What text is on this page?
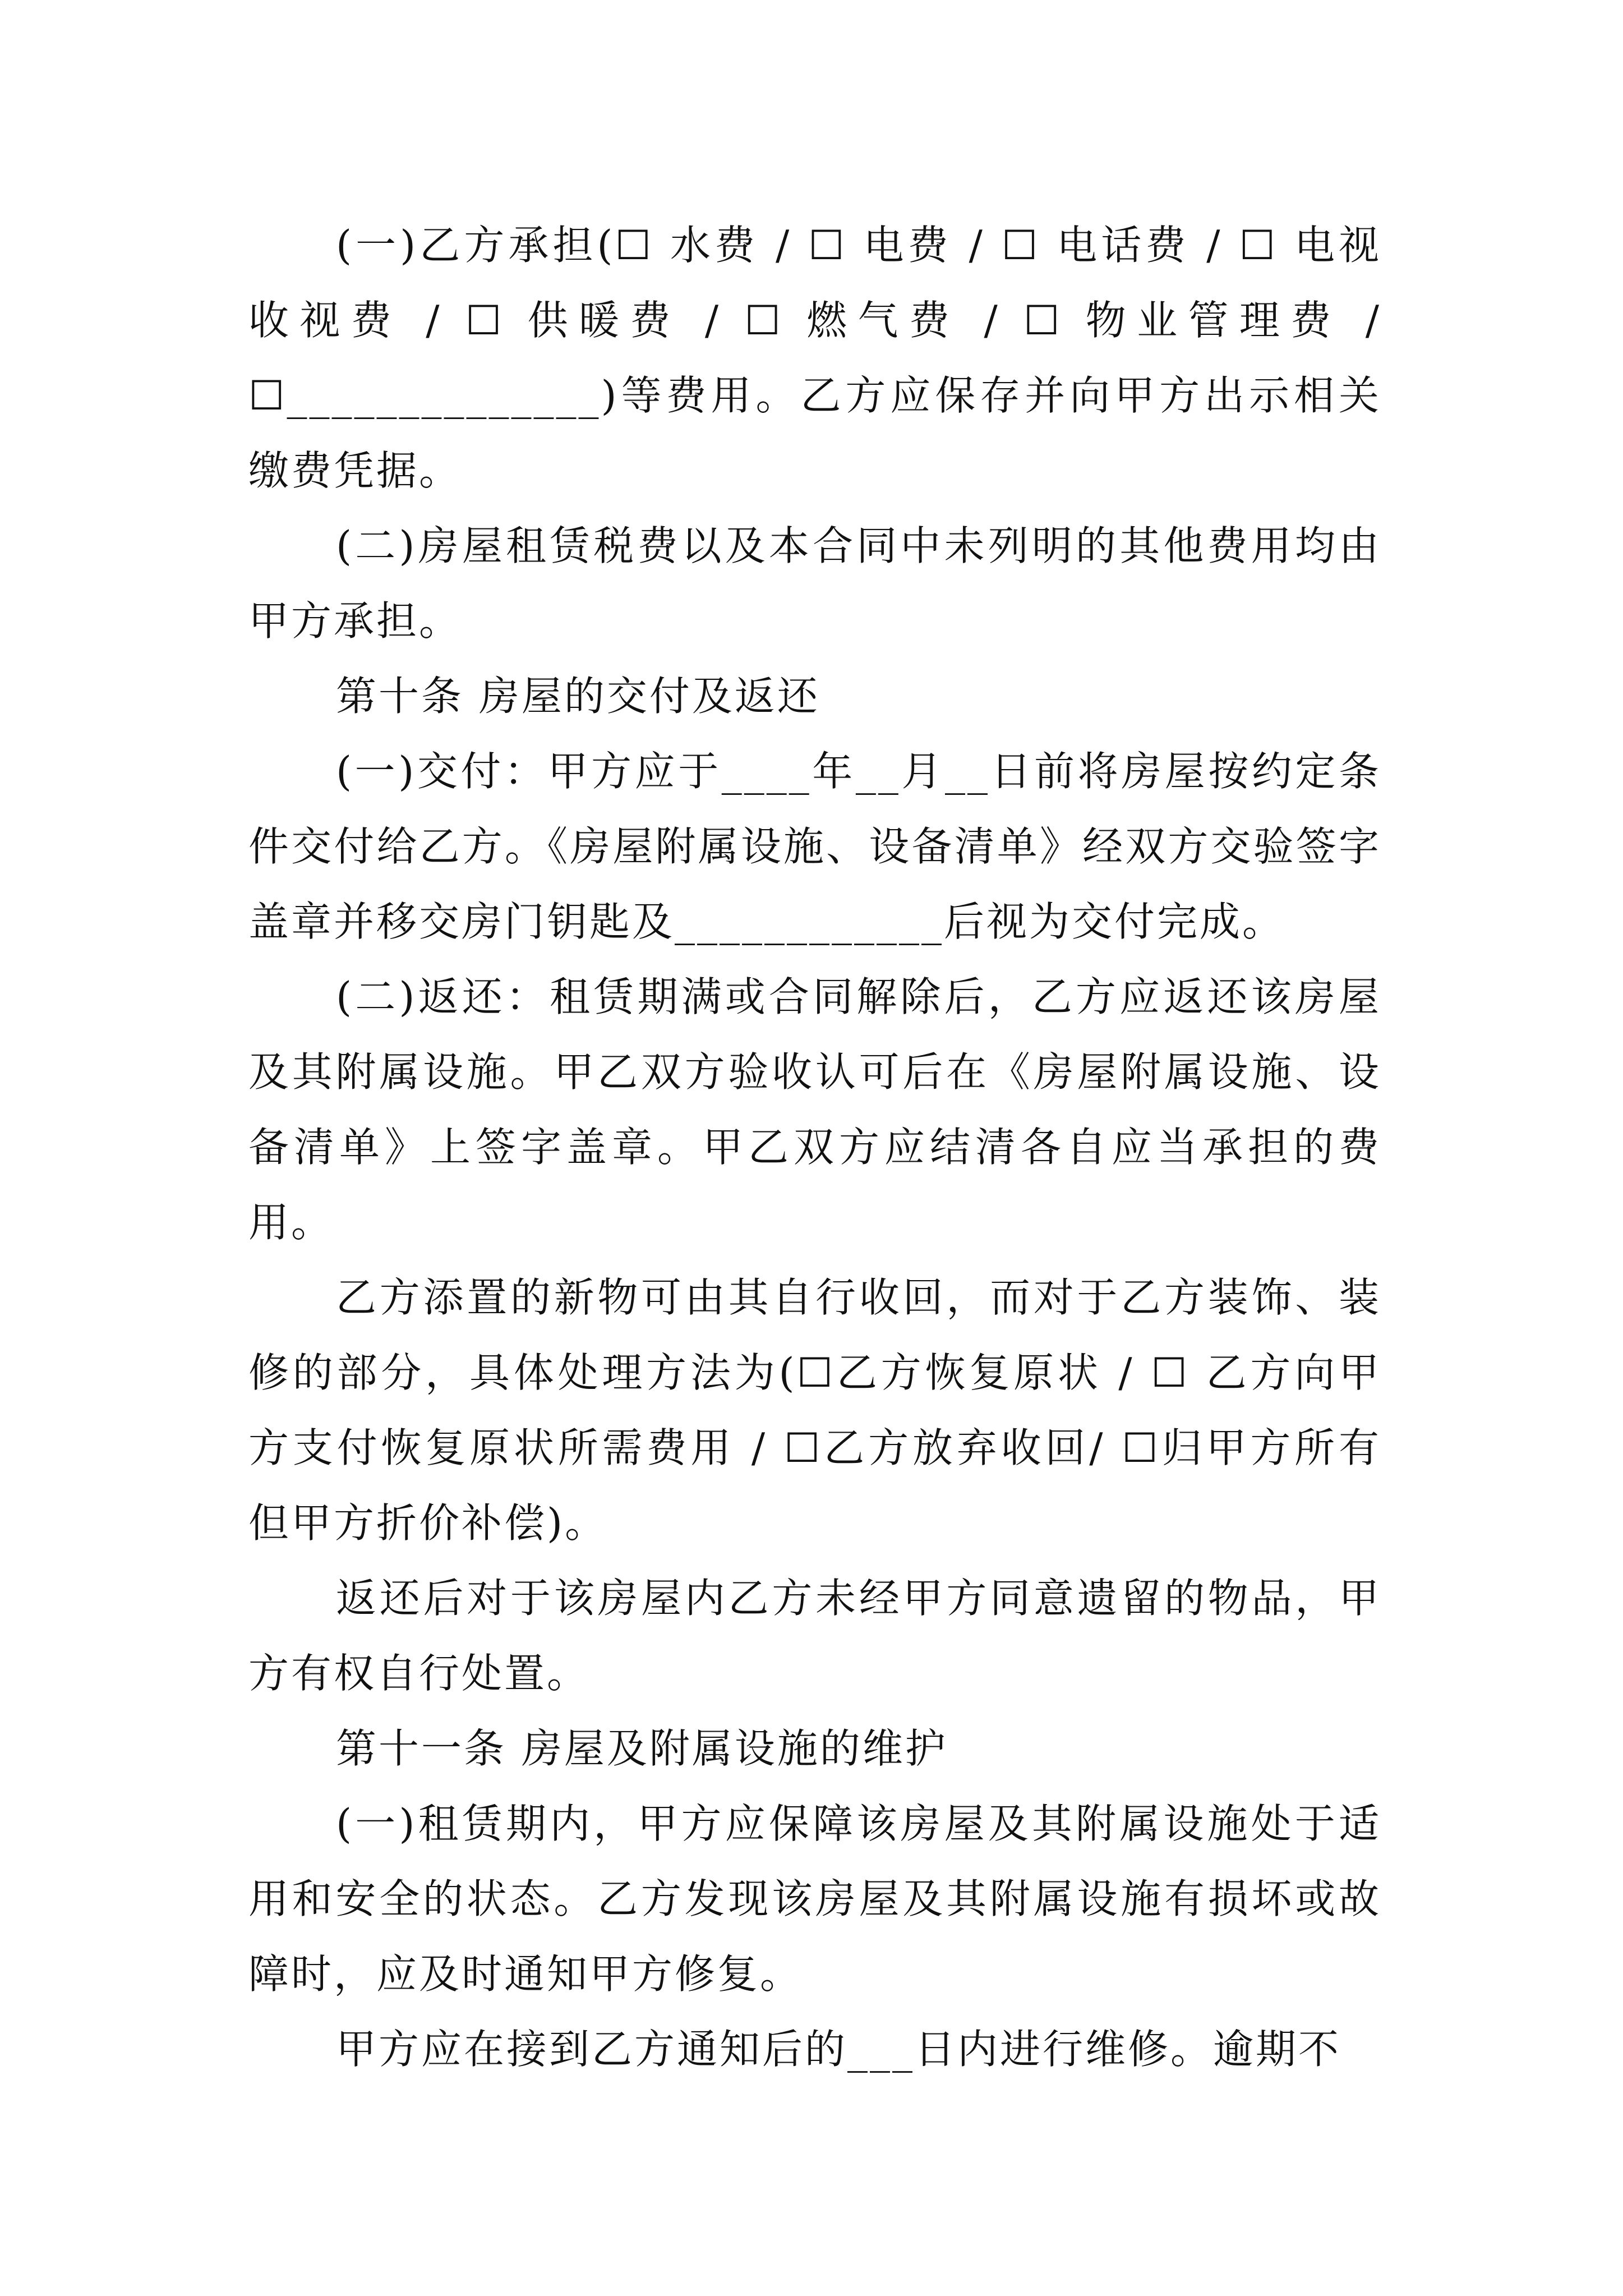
(一)乙方承担(☐ 水费 / ☐ 电费 / ☐ 电话费 / ☐ 电视收视费 / ☐ 供暖费 / ☐ 燃气费 / ☐ 物业管理费 /☐______________)等费用。乙方应保存并向甲方出示相关缴费凭据。

(二)房屋租赁税费以及本合同中未列明的其他费用均由甲方承担。

第十条 房屋的交付及返还

(一)交付：甲方应于____年__月__日前将房屋按约定条件交付给乙方。《房屋附属设施、设备清单》经双方交验签字盖章并移交房门钥匙及____________后视为交付完成。

(二)返还：租赁期满或合同解除后，乙方应返还该房屋及其附属设施。甲乙双方验收认可后在《房屋附属设施、设备清单》上签字盖章。甲乙双方应结清各自应当承担的费用。

乙方添置的新物可由其自行收回，而对于乙方装饰、装修的部分，具体处理方法为(☐乙方恢复原状 / ☐ 乙方向甲方支付恢复原状所需费用 / ☐乙方放弃收回/ ☐归甲方所有但甲方折价补偿)。

返还后对于该房屋内乙方未经甲方同意遗留的物品，甲方有权自行处置。

第十一条 房屋及附属设施的维护

(一)租赁期内，甲方应保障该房屋及其附属设施处于适用和安全的状态。乙方发现该房屋及其附属设施有损坏或故障时，应及时通知甲方修复。

甲方应在接到乙方通知后的___日内进行维修。逾期不
